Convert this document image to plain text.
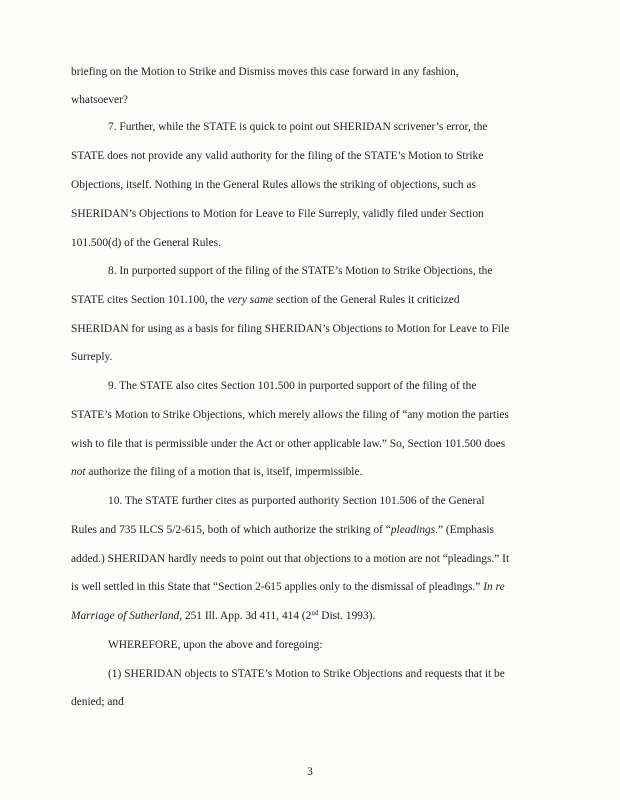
briefing on the Motion to Strike and Dismiss moves this case forward in any fashion,
whatsoever?
7. Further, while the STATE is quick to point out SHERIDAN scrivener’s error, the
STATE does not provide any valid authority for the filing of the STATE’s Motion to Strike
Objections, itself. Nothing in the General Rules allows the striking of objections, such as
SHERIDAN’s Objections to Motion for Leave to File Surreply, validly filed under Section
101.500(d) of the General Rules.
8. In purported support of the filing of the STATE’s Motion to Strike Objections, the
STATE cites Section 101.100, the very same section of the General Rules it criticized
SHERIDAN for using as a basis for filing SHERIDAN’s Objections to Motion for Leave to File
Surreply.
9. The STATE also cites Section 101.500 in purported support of the filing of the
STATE’s Motion to Strike Objections, which merely allows the filing of “any motion the parties
wish to file that is permissible under the Act or other applicable law.” So, Section 101.500 does
not authorize the filing of a motion that is, itself, impermissible.
10. The STATE further cites as purported authority Section 101.506 of the General
Rules and 735 ILCS 5/2-615, both of which authorize the striking of “pleadings.” (Emphasis
added.) SHERIDAN hardly needs to point out that objections to a motion are not “pleadings.” It
is well settled in this State that “Section 2-615 applies only to the dismissal of pleadings.” In re
Marriage of Sutherland, 251 Ill. App. 3d 411, 414 (2nd Dist. 1993).
WHEREFORE, upon the above and foregoing:
(1) SHERIDAN objects to STATE’s Motion to Strike Objections and requests that it be
denied; and
3
